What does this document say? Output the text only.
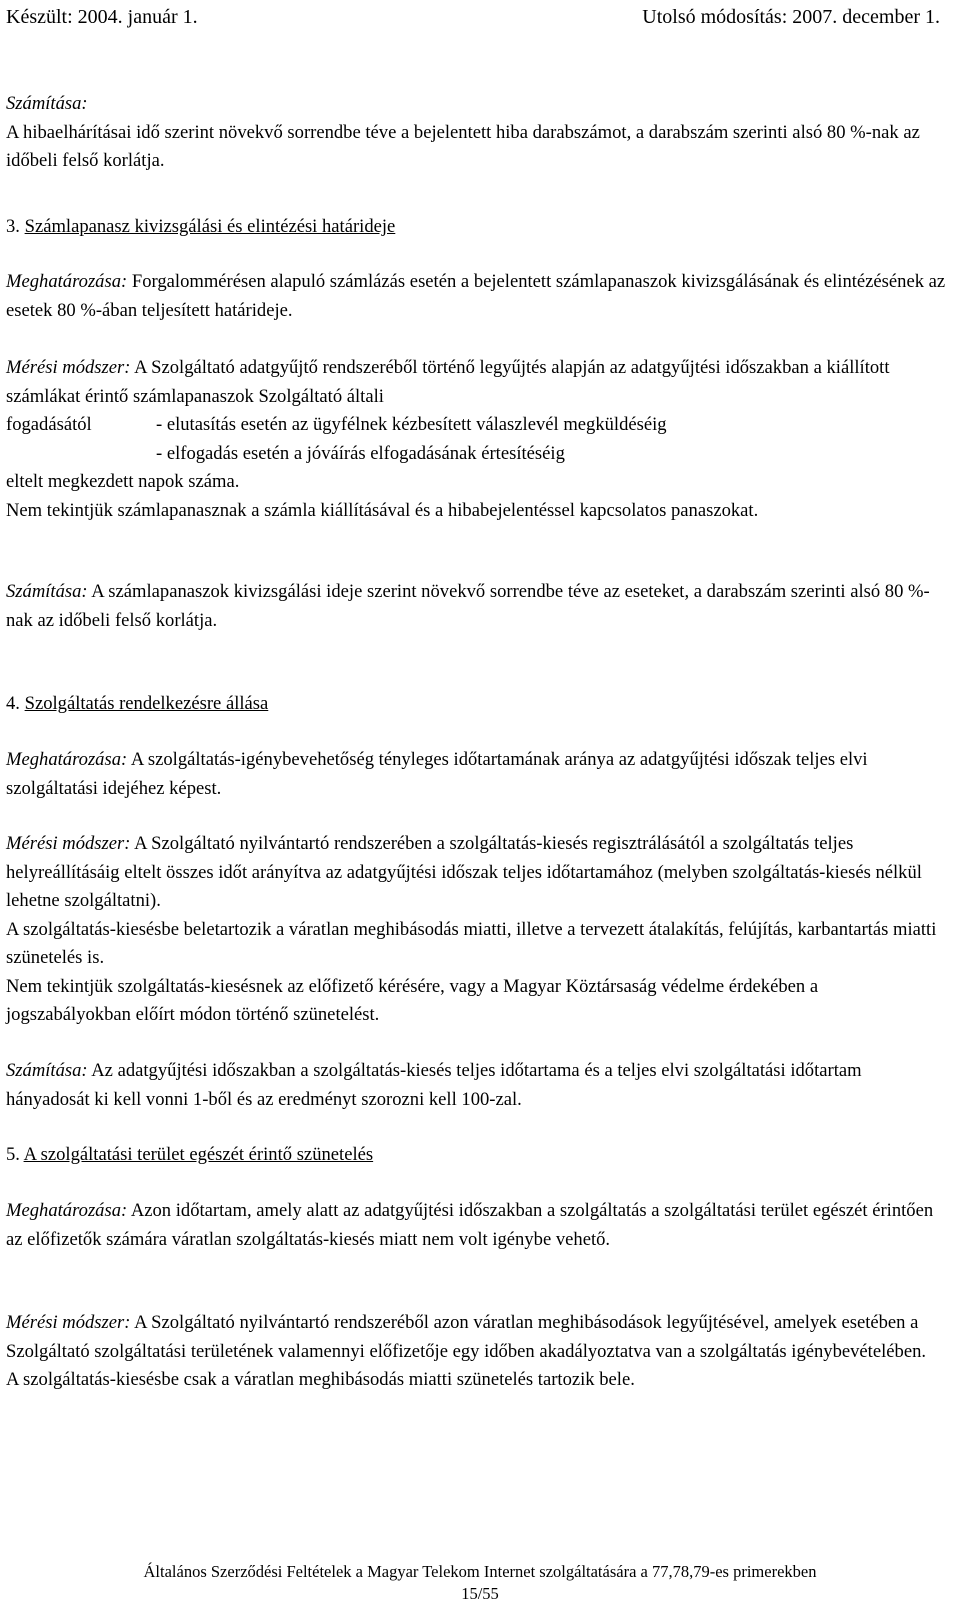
Készült: 2004. január 1.	Utolsó módosítás: 2007. december 1.

Számítása:

A hibaelhárításai idő szerint növekvő sorrendbe téve a bejelentett hiba darabszámot, a darabszám szerinti alsó 80 %-nak az időbeli felső korlátja.

3. Számlapanasz kivizsgálási és elintézési határideje

Meghatározása: Forgalommérésen alapuló számlázás esetén a bejelentett számlapanaszok kivizsgálásának és elintézésének az esetek 80 %-ában teljesített határideje.

Mérési módszer: A Szolgáltató adatgyűjtő rendszeréből történő legyűjtés alapján az adatgyűjtési időszakban a kiállított számlákat érintő számlapanaszok Szolgáltató általi

fogadásától	- elutasítás esetén az ügyfélnek kézbesített válaszlevél megküldéséig

- elfogadás esetén a jóváírás elfogadásának értesítéséig

eltelt megkezdett napok száma.

Nem tekintjük számlapanasznak a számla kiállításával és a hibabejelentéssel kapcsolatos panaszokat.

Számítása: A számlapanaszok kivizsgálási ideje szerint növekvő sorrendbe téve az eseteket, a darabszám szerinti alsó 80 %-nak az időbeli felső korlátja.

4. Szolgáltatás rendelkezésre állása

Meghatározása: A szolgáltatás-igénybevehetőség tényleges időtartamának aránya az adatgyűjtési időszak teljes elvi szolgáltatási idejéhez képest.

Mérési módszer: A Szolgáltató nyilvántartó rendszerében a szolgáltatás-kiesés regisztrálásától a szolgáltatás teljes helyreállításáig eltelt összes időt arányítva az adatgyűjtési időszak teljes időtartamához (melyben szolgáltatás-kiesés nélkül lehetne szolgáltatni).

A szolgáltatás-kiesésbe beletartozik a váratlan meghibásodás miatti, illetve a tervezett átalakítás, felújítás, karbantartás miatti szünetelés is.

Nem tekintjük szolgáltatás-kiesésnek az előfizető kérésére, vagy a Magyar Köztársaság védelme érdekében a jogszabályokban előírt módon történő szünetelést.

Számítása: Az adatgyűjtési időszakban a szolgáltatás-kiesés teljes időtartama és a teljes elvi szolgáltatási időtartam hányadosát ki kell vonni 1-ből és az eredményt szorozni kell 100-zal.

5. A szolgáltatási terület egészét érintő szünetelés

Meghatározása: Azon időtartam, amely alatt az adatgyűjtési időszakban a szolgáltatás a szolgáltatási terület egészét érintően az előfizetők számára váratlan szolgáltatás-kiesés miatt nem volt igénybe vehető.

Mérési módszer: A Szolgáltató nyilvántartó rendszeréből azon váratlan meghibásodások legyűjtésével, amelyek esetében a Szolgáltató szolgáltatási területének valamennyi előfizetője egy időben akadályoztatva van a szolgáltatás igénybevételében.

A szolgáltatás-kiesésbe csak a váratlan meghibásodás miatti szünetelés tartozik bele.

Általános Szerződési Feltételek a Magyar Telekom Internet szolgáltatására a 77,78,79-es primerekben
15/55
